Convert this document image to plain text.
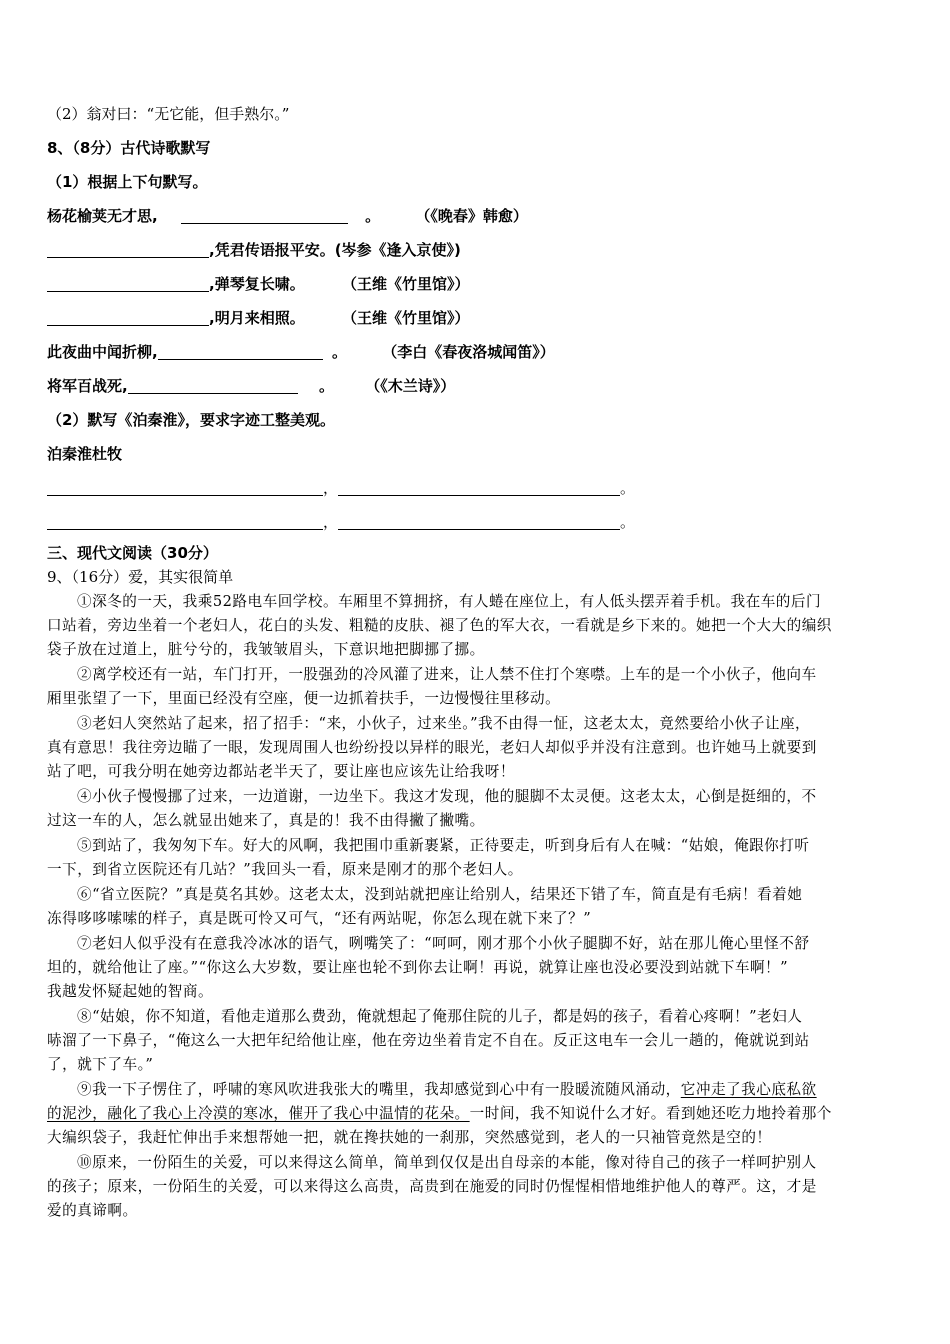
（2）翁对曰：“无它能，但手熟尔。”
8、（8分）古代诗歌默写
（1）根据上下句默写。
杨花榆荚无才思,	。 （《晚春》韩愈）
,凭君传语报平安。(岑参《逢入京使》)
,弹琴复长啸。 （王维《竹里馆》）
,明月来相照。 （王维《竹里馆》）
此夜曲中闻折柳,	。 （李白《春夜洛城闻笛》）
将军百战死,	。 （《木兰诗》）
（2）默写《泊秦淮》，要求字迹工整美观。
泊秦淮杜牧
，	。
，	。
三、现代文阅读（30分）
9、（16分）爱，其实很简单
①深冬的一天，我乘52路电车回学校。车厢里不算拥挤，有人蜷在座位上，有人低头摆弄着手机。我在车的后门
口站着，旁边坐着一个老妇人，花白的头发、粗糙的皮肤、褪了色的军大衣，一看就是乡下来的。她把一个大大的编织
袋子放在过道上，脏兮兮的，我皱皱眉头，下意识地把脚挪了挪。
②离学校还有一站，车门打开，一股强劲的冷风灌了进来，让人禁不住打个寒噤。上车的是一个小伙子，他向车
厢里张望了一下，里面已经没有空座，便一边抓着扶手，一边慢慢往里移动。
③老妇人突然站了起来，招了招手：“来，小伙子，过来坐。”我不由得一怔，这老太太，竟然要给小伙子让座，
真有意思！我往旁边瞄了一眼，发现周围人也纷纷投以异样的眼光，老妇人却似乎并没有注意到。也许她马上就要到
站了吧，可我分明在她旁边都站老半天了，要让座也应该先让给我呀！
④小伙子慢慢挪了过来，一边道谢，一边坐下。我这才发现，他的腿脚不太灵便。这老太太，心倒是挺细的，不
过这一车的人，怎么就显出她来了，真是的！我不由得撇了撇嘴。
⑤到站了，我匆匆下车。好大的风啊，我把围巾重新裹紧，正待要走，听到身后有人在喊：“姑娘，俺跟你打听
一下，到省立医院还有几站？”我回头一看，原来是刚才的那个老妇人。
⑥“省立医院？”真是莫名其妙。这老太太，没到站就把座让给别人，结果还下错了车，简直是有毛病！看着她
冻得哆哆嗦嗦的样子，真是既可怜又可气，“还有两站呢，你怎么现在就下来了？”
⑦老妇人似乎没有在意我冷冰冰的语气，咧嘴笑了：“呵呵，刚才那个小伙子腿脚不好，站在那儿俺心里怪不舒
坦的，就给他让了座。”“你这么大岁数，要让座也轮不到你去让啊！再说，就算让座也没必要没到站就下车啊！”
我越发怀疑起她的智商。
⑧“姑娘，你不知道，看他走道那么费劲，俺就想起了俺那住院的儿子，都是妈的孩子，看着心疼啊！”老妇人
哧溜了一下鼻子，“俺这么一大把年纪给他让座，他在旁边坐着肯定不自在。反正这电车一会儿一趟的，俺就说到站
了，就下了车。”
⑨我一下子愣住了，呼啸的寒风吹进我张大的嘴里，我却感觉到心中有一股暖流随风涌动，它冲走了我心底私欲
的泥沙，融化了我心上冷漠的寒冰，催开了我心中温情的花朵。一时间，我不知说什么才好。看到她还吃力地拎着那个
大编织袋子，我赶忙伸出手来想帮她一把，就在搀扶她的一刹那，突然感觉到，老人的一只袖管竟然是空的！
⑩原来，一份陌生的关爱，可以来得这么简单，简单到仅仅是出自母亲的本能，像对待自己的孩子一样呵护别人
的孩子；原来，一份陌生的关爱，可以来得这么高贵，高贵到在施爱的同时仍惺惺相惜地维护他人的尊严。这，才是
爱的真谛啊。
